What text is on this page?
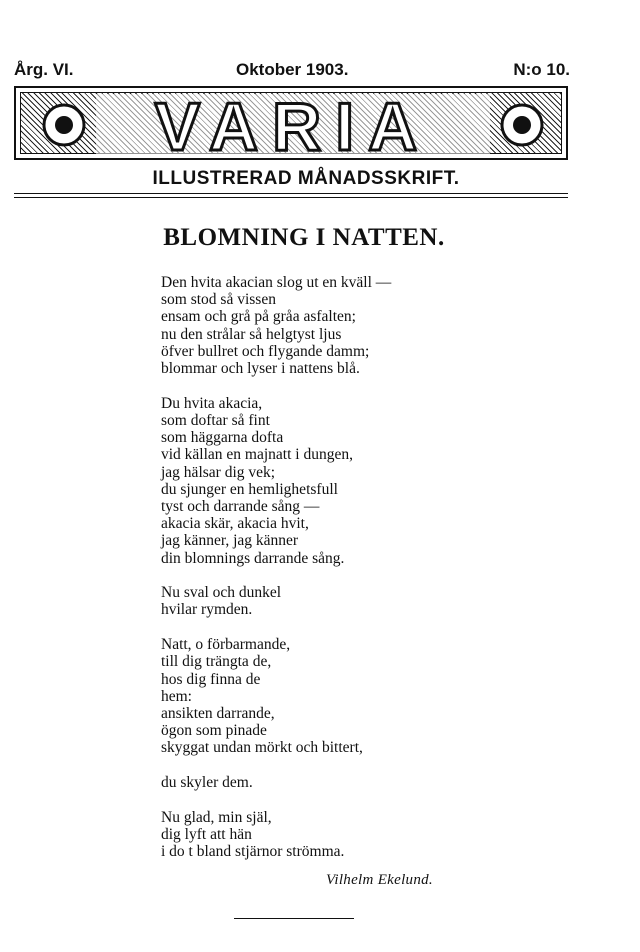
Årg. VI.	Oktober 1903.	N:o 10.
VARIA
ILLUSTRERAD MÅNADSSKRIFT.
BLOMNING I NATTEN.
Den hvita akacian slog ut en kväll —
som stod så vissen
ensam och grå på gråa asfalten;
nu den strålar så helgtyst ljus
öfver bullret och flygande damm;
blommar och lyser i nattens blå.
Du hvita akacia,
som doftar så fint
som häggarna dofta
vid källan en majnatt i dungen,
jag hälsar dig vek;
du sjunger en hemlighetsfull
tyst och darrande sång —
akacia skär, akacia hvit,
jag känner, jag känner
din blomnings darrande sång.
Nu sval och dunkel
hvilar rymden.
Natt, o förbarmande,
till dig trängta de,
hos dig finna de
hem:
ansikten darrande,
ögon som pinade
skyggat undan mörkt och bittert,
du skyler dem.
Nu glad, min själ,
dig lyft att hän
i do t bland stjärnor strömma.
Vilhelm Ekelund.
